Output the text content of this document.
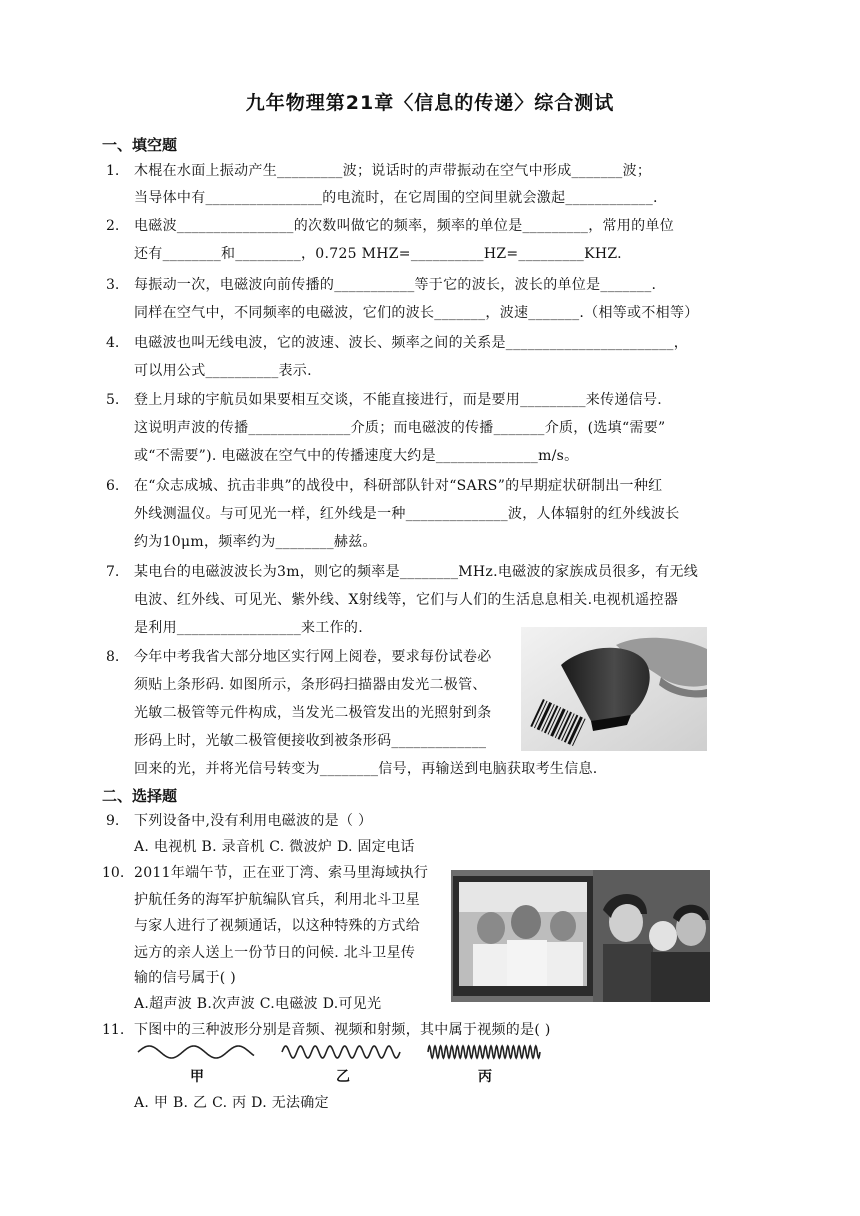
九年物理第21章〈信息的传递〉综合测试
一、填空题
1. 木棍在水面上振动产生_________波；说话时的声带振动在空气中形成_______波；
当导体中有________________的电流时，在它周围的空间里就会激起____________.
2. 电磁波________________的次数叫做它的频率，频率的单位是_________，常用的单位
还有________和_________，0.725 MHZ=__________HZ=_________KHZ.
3. 每振动一次，电磁波向前传播的___________等于它的波长，波长的单位是_______.
同样在空气中，不同频率的电磁波，它们的波长_______，波速_______.（相等或不相等）
4. 电磁波也叫无线电波，它的波速、波长、频率之间的关系是_______________________，
可以用公式__________表示.
5. 登上月球的宇航员如果要相互交谈，不能直接进行，而是要用_________来传递信号.
这说明声波的传播______________介质；而电磁波的传播_______介质，(选填“需要”
或“不需要”). 电磁波在空气中的传播速度大约是______________m/s。
6. 在“众志成城、抗击非典”的战役中，科研部队针对“SARS”的早期症状研制出一种红
外线测温仪。与可见光一样，红外线是一种______________波，人体辐射的红外线波长
约为10μm，频率约为________赫兹。
7. 某电台的电磁波波长为3m，则它的频率是________MHz.电磁波的家族成员很多，有无线
电波、红外线、可见光、紫外线、X射线等，它们与人们的生活息息相关.电视机遥控器
是利用_________________来工作的.
8. 今年中考我省大部分地区实行网上阅卷，要求每份试卷必
须贴上条形码. 如图所示，条形码扫描器由发光二极管、
光敏二极管等元件构成，当发光二极管发出的光照射到条
形码上时，光敏二极管便接收到被条形码_____________
回来的光，并将光信号转变为________信号，再输送到电脑获取考生信息.
二、选择题
9. 下列设备中,没有利用电磁波的是（ ）
A. 电视机 B. 录音机 C. 微波炉 D. 固定电话
10. 2011年端午节，正在亚丁湾、索马里海域执行
护航任务的海军护航编队官兵，利用北斗卫星
与家人进行了视频通话，以这种特殊的方式给
远方的亲人送上一份节日的问候. 北斗卫星传
输的信号属于( )
A.超声波 B.次声波 C.电磁波 D.可见光
11. 下图中的三种波形分别是音频、视频和射频，其中属于视频的是( )
甲	乙	丙
A. 甲 B. 乙 C. 丙 D. 无法确定
